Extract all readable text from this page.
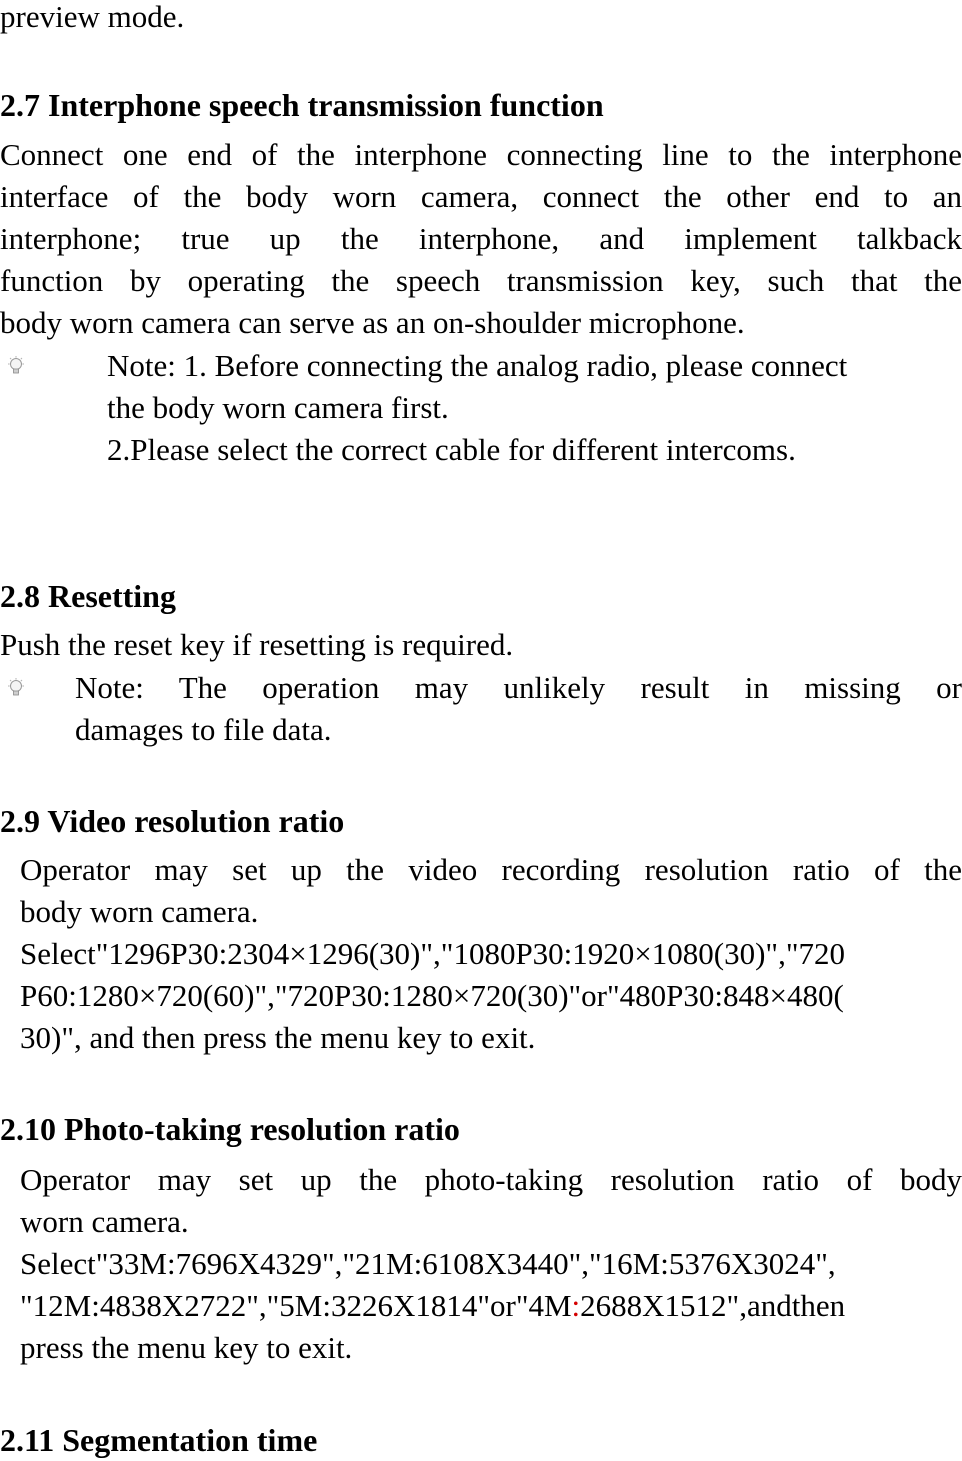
preview mode.
2.7 Interphone speech transmission function
Connect one end of the interphone connecting line to the interphone
interface of the body worn camera, connect the other end to an
interphone; true up the interphone, and implement talkback
function by operating the speech transmission key, such that the
body worn camera can serve as an on-shoulder microphone.
Note: 1. Before connecting the analog radio, please connect
the body worn camera first.
2.Please select the correct cable for different intercoms.
2.8 Resetting
Push the reset key if resetting is required.
Note: The operation may unlikely result in missing or
damages to file data.
2.9 Video resolution ratio
Operator may set up the video recording resolution ratio of the
body worn camera.
Select"1296P30:2304×1296(30)","1080P30:1920×1080(30)","720
P60:1280×720(60)","720P30:1280×720(30)"or"480P30:848×480(
30)", and then press the menu key to exit.
2.10 Photo-taking resolution ratio
Operator may set up the photo-taking resolution ratio of body
worn camera.
Select"33M:7696X4329","21M:6108X3440","16M:5376X3024",
"12M:4838X2722","5M:3226X1814"or"4M:2688X1512",andthen
press the menu key to exit.
2.11 Segmentation time
